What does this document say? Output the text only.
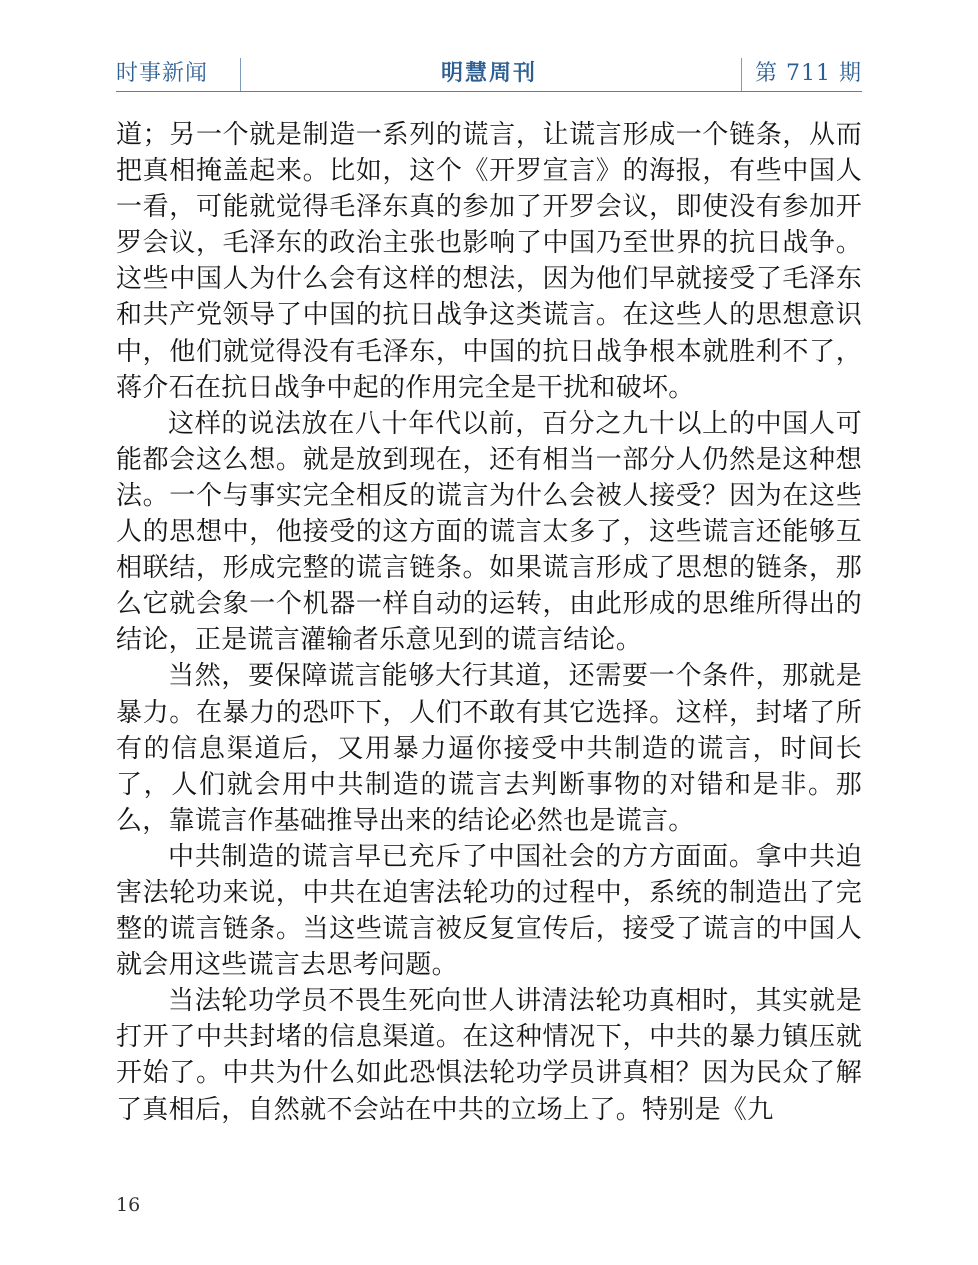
时事新闻	明慧周刊	第 711 期

道；另一个就是制造一系列的谎言，让谎言形成一个链条，从而把真相掩盖起来。比如，这个《开罗宣言》的海报，有些中国人一看，可能就觉得毛泽东真的参加了开罗会议，即使没有参加开罗会议，毛泽东的政治主张也影响了中国乃至世界的抗日战争。这些中国人为什么会有这样的想法，因为他们早就接受了毛泽东和共产党领导了中国的抗日战争这类谎言。在这些人的思想意识中，他们就觉得没有毛泽东，中国的抗日战争根本就胜利不了，蒋介石在抗日战争中起的作用完全是干扰和破坏。

这样的说法放在八十年代以前，百分之九十以上的中国人可能都会这么想。就是放到现在，还有相当一部分人仍然是这种想法。一个与事实完全相反的谎言为什么会被人接受？因为在这些人的思想中，他接受的这方面的谎言太多了，这些谎言还能够互相联结，形成完整的谎言链条。如果谎言形成了思想的链条，那么它就会象一个机器一样自动的运转，由此形成的思维所得出的结论，正是谎言灌输者乐意见到的谎言结论。

当然，要保障谎言能够大行其道，还需要一个条件，那就是暴力。在暴力的恐吓下，人们不敢有其它选择。这样，封堵了所有的信息渠道后，又用暴力逼你接受中共制造的谎言，时间长了，人们就会用中共制造的谎言去判断事物的对错和是非。那么，靠谎言作基础推导出来的结论必然也是谎言。

中共制造的谎言早已充斥了中国社会的方方面面。拿中共迫害法轮功来说，中共在迫害法轮功的过程中，系统的制造出了完整的谎言链条。当这些谎言被反复宣传后，接受了谎言的中国人就会用这些谎言去思考问题。

当法轮功学员不畏生死向世人讲清法轮功真相时，其实就是打开了中共封堵的信息渠道。在这种情况下，中共的暴力镇压就开始了。中共为什么如此恐惧法轮功学员讲真相？因为民众了解了真相后，自然就不会站在中共的立场上了。特别是《九

16
